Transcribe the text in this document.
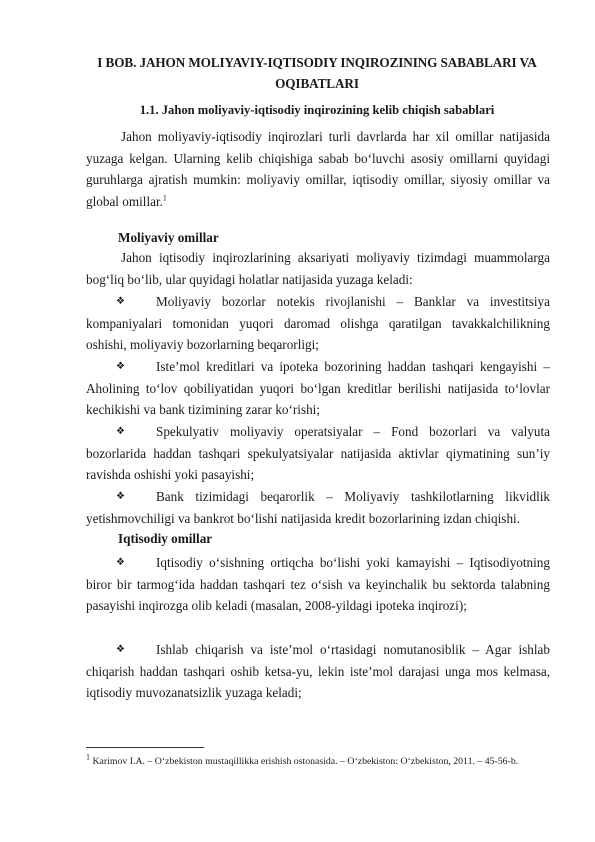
I BOB. JAHON MOLIYAVIY-IQTISODIY INQIROZINING SABABLARI VA OQIBATLARI
1.1. Jahon moliyaviy-iqtisodiy inqirozining kelib chiqish sabablari

Jahon moliyaviy-iqtisodiy inqirozlari turli davrlarda har xil omillar natijasida yuzaga kelgan. Ularning kelib chiqishiga sabab bo‘luvchi asosiy omillarni quyidagi guruhlarga ajratish mumkin: moliyaviy omillar, iqtisodiy omillar, siyosiy omillar va global omillar.$^1$

Moliyaviy omillar

Jahon iqtisodiy inqirozlarining aksariyati moliyaviy tizimdagi muammolarga bog‘liq bo‘lib, ular quyidagi holatlar natijasida yuzaga keladi:

❖	Moliyaviy bozorlar notekis rivojlanishi – Banklar va investitsiya kompaniyalari tomonidan yuqori daromad olishga qaratilgan tavakkalchilikning oshishi, moliyaviy bozorlarning beqarorligi;

❖	Iste’mol kreditlari va ipoteka bozorining haddan tashqari kengayishi – Aholining to‘lov qobiliyatidan yuqori bo‘lgan kreditlar berilishi natijasida to‘lovlar kechikishi va bank tizimining zarar ko‘rishi;

❖	Spekulyativ moliyaviy operatsiyalar – Fond bozorlari va valyuta bozorlarida haddan tashqari spekulyatsiyalar natijasida aktivlar qiymatining sun’iy ravishda oshishi yoki pasayishi;

❖	Bank tizimidagi beqarorlik – Moliyaviy tashkilotlarning likvidlik yetishmovchiligi va bankrot bo‘lishi natijasida kredit bozorlarining izdan chiqishi.

Iqtisodiy omillar
❖	Iqtisodiy o‘sishning ortiqcha bo‘lishi yoki kamayishi – Iqtisodiyotning biror bir tarmog‘ida haddan tashqari tez o‘sish va keyinchalik bu sektorda talabning pasayishi inqirozga olib keladi (masalan, 2008-yildagi ipoteka inqirozi);

❖	Ishlab chiqarish va iste’mol o‘rtasidagi nomutanosiblik – Agar ishlab chiqarish haddan tashqari oshib ketsa-yu, lekin iste’mol darajasi unga mos kelmasa, iqtisodiy muvozanatsizlik yuzaga keladi;

$^1$ Karimov I.A. – O‘zbekiston mustaqillikka erishish ostonasida. – O‘zbekiston: O‘zbekiston, 2011. – 45-56-b.
